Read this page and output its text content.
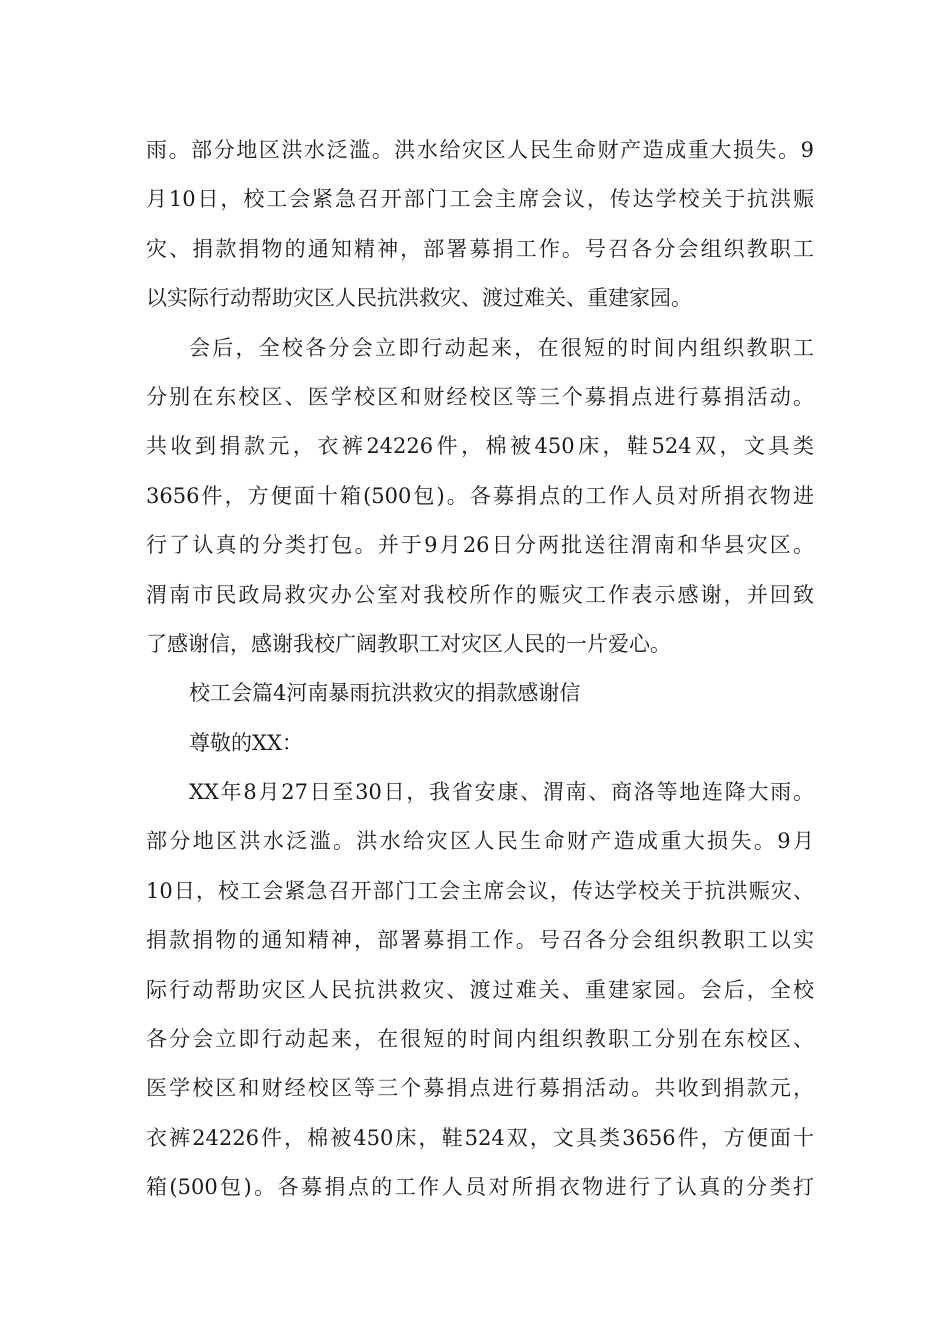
雨。部分地区洪水泛滥。洪水给灾区人民生命财产造成重大损失。9
月10日，校工会紧急召开部门工会主席会议，传达学校关于抗洪赈
灾、捐款捐物的通知精神，部署募捐工作。号召各分会组织教职工
以实际行动帮助灾区人民抗洪救灾、渡过难关、重建家园。
会后，全校各分会立即行动起来，在很短的时间内组织教职工
分别在东校区、医学校区和财经校区等三个募捐点进行募捐活动。
共收到捐款元，衣裤24226件，棉被450床，鞋524双，文具类
3656件，方便面十箱(500包)。各募捐点的工作人员对所捐衣物进
行了认真的分类打包。并于9月26日分两批送往渭南和华县灾区。
渭南市民政局救灾办公室对我校所作的赈灾工作表示感谢，并回致
了感谢信，感谢我校广阔教职工对灾区人民的一片爱心。
校工会篇4河南暴雨抗洪救灾的捐款感谢信
尊敬的XX：
XX年8月27日至30日，我省安康、渭南、商洛等地连降大雨。
部分地区洪水泛滥。洪水给灾区人民生命财产造成重大损失。9月
10日，校工会紧急召开部门工会主席会议，传达学校关于抗洪赈灾、
捐款捐物的通知精神，部署募捐工作。号召各分会组织教职工以实
际行动帮助灾区人民抗洪救灾、渡过难关、重建家园。会后，全校
各分会立即行动起来，在很短的时间内组织教职工分别在东校区、
医学校区和财经校区等三个募捐点进行募捐活动。共收到捐款元，
衣裤24226件，棉被450床，鞋524双，文具类3656件，方便面十
箱(500包)。各募捐点的工作人员对所捐衣物进行了认真的分类打
